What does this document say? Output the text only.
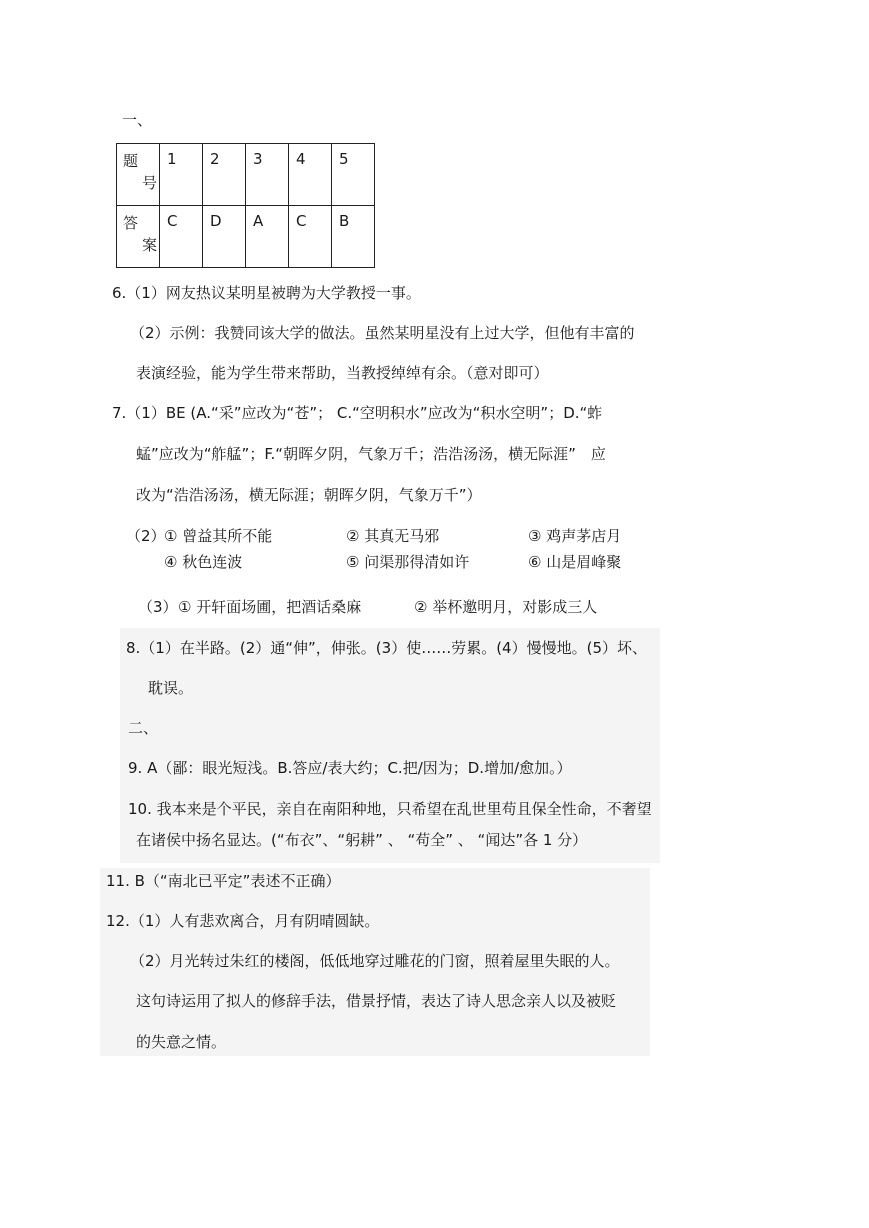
一、
题
号	1	2	3	4	5

答
案	C	D	A	C	B
6.（1）网友热议某明星被聘为大学教授一事。
（2）示例：我赞同该大学的做法。虽然某明星没有上过大学，但他有丰富的
表演经验，能为学生带来帮助，当教授绰绰有余。（意对即可）
7.（1）BE (A.“采”应改为“苍”； C.“空明积水”应改为“积水空明”；D.“蚱
蜢”应改为“舴艋”；F.“朝晖夕阴，气象万千；浩浩汤汤，横无际涯”　应
改为“浩浩汤汤，横无际涯；朝晖夕阴，气象万千”）
（2）
① 曾益其所不能	② 其真无马邪	③ 鸡声茅店月
④ 秋色连波	⑤ 问渠那得清如许	⑥ 山是眉峰聚
（3） ① 开轩面场圃，把酒话桑麻	② 举杯邀明月，对影成三人
8.（1）在半路。(2）通“伸”，伸张。(3）使……劳累。(4）慢慢地。(5）坏、
耽误。
二、
9. A（鄙：眼光短浅。B.答应/表大约；C.把/因为；D.增加/愈加。）
10. 我本来是个平民，亲自在南阳种地，只希望在乱世里苟且保全性命，不奢望
在诸侯中扬名显达。(“布衣”、“躬耕” 、 “苟全” 、 “闻达”各 1 分）
11. B（“南北已平定”表述不正确）
12.（1）人有悲欢离合，月有阴晴圆缺。
（2）月光转过朱红的楼阁，低低地穿过雕花的门窗，照着屋里失眠的人。
这句诗运用了拟人的修辞手法，借景抒情，表达了诗人思念亲人以及被贬
的失意之情。
